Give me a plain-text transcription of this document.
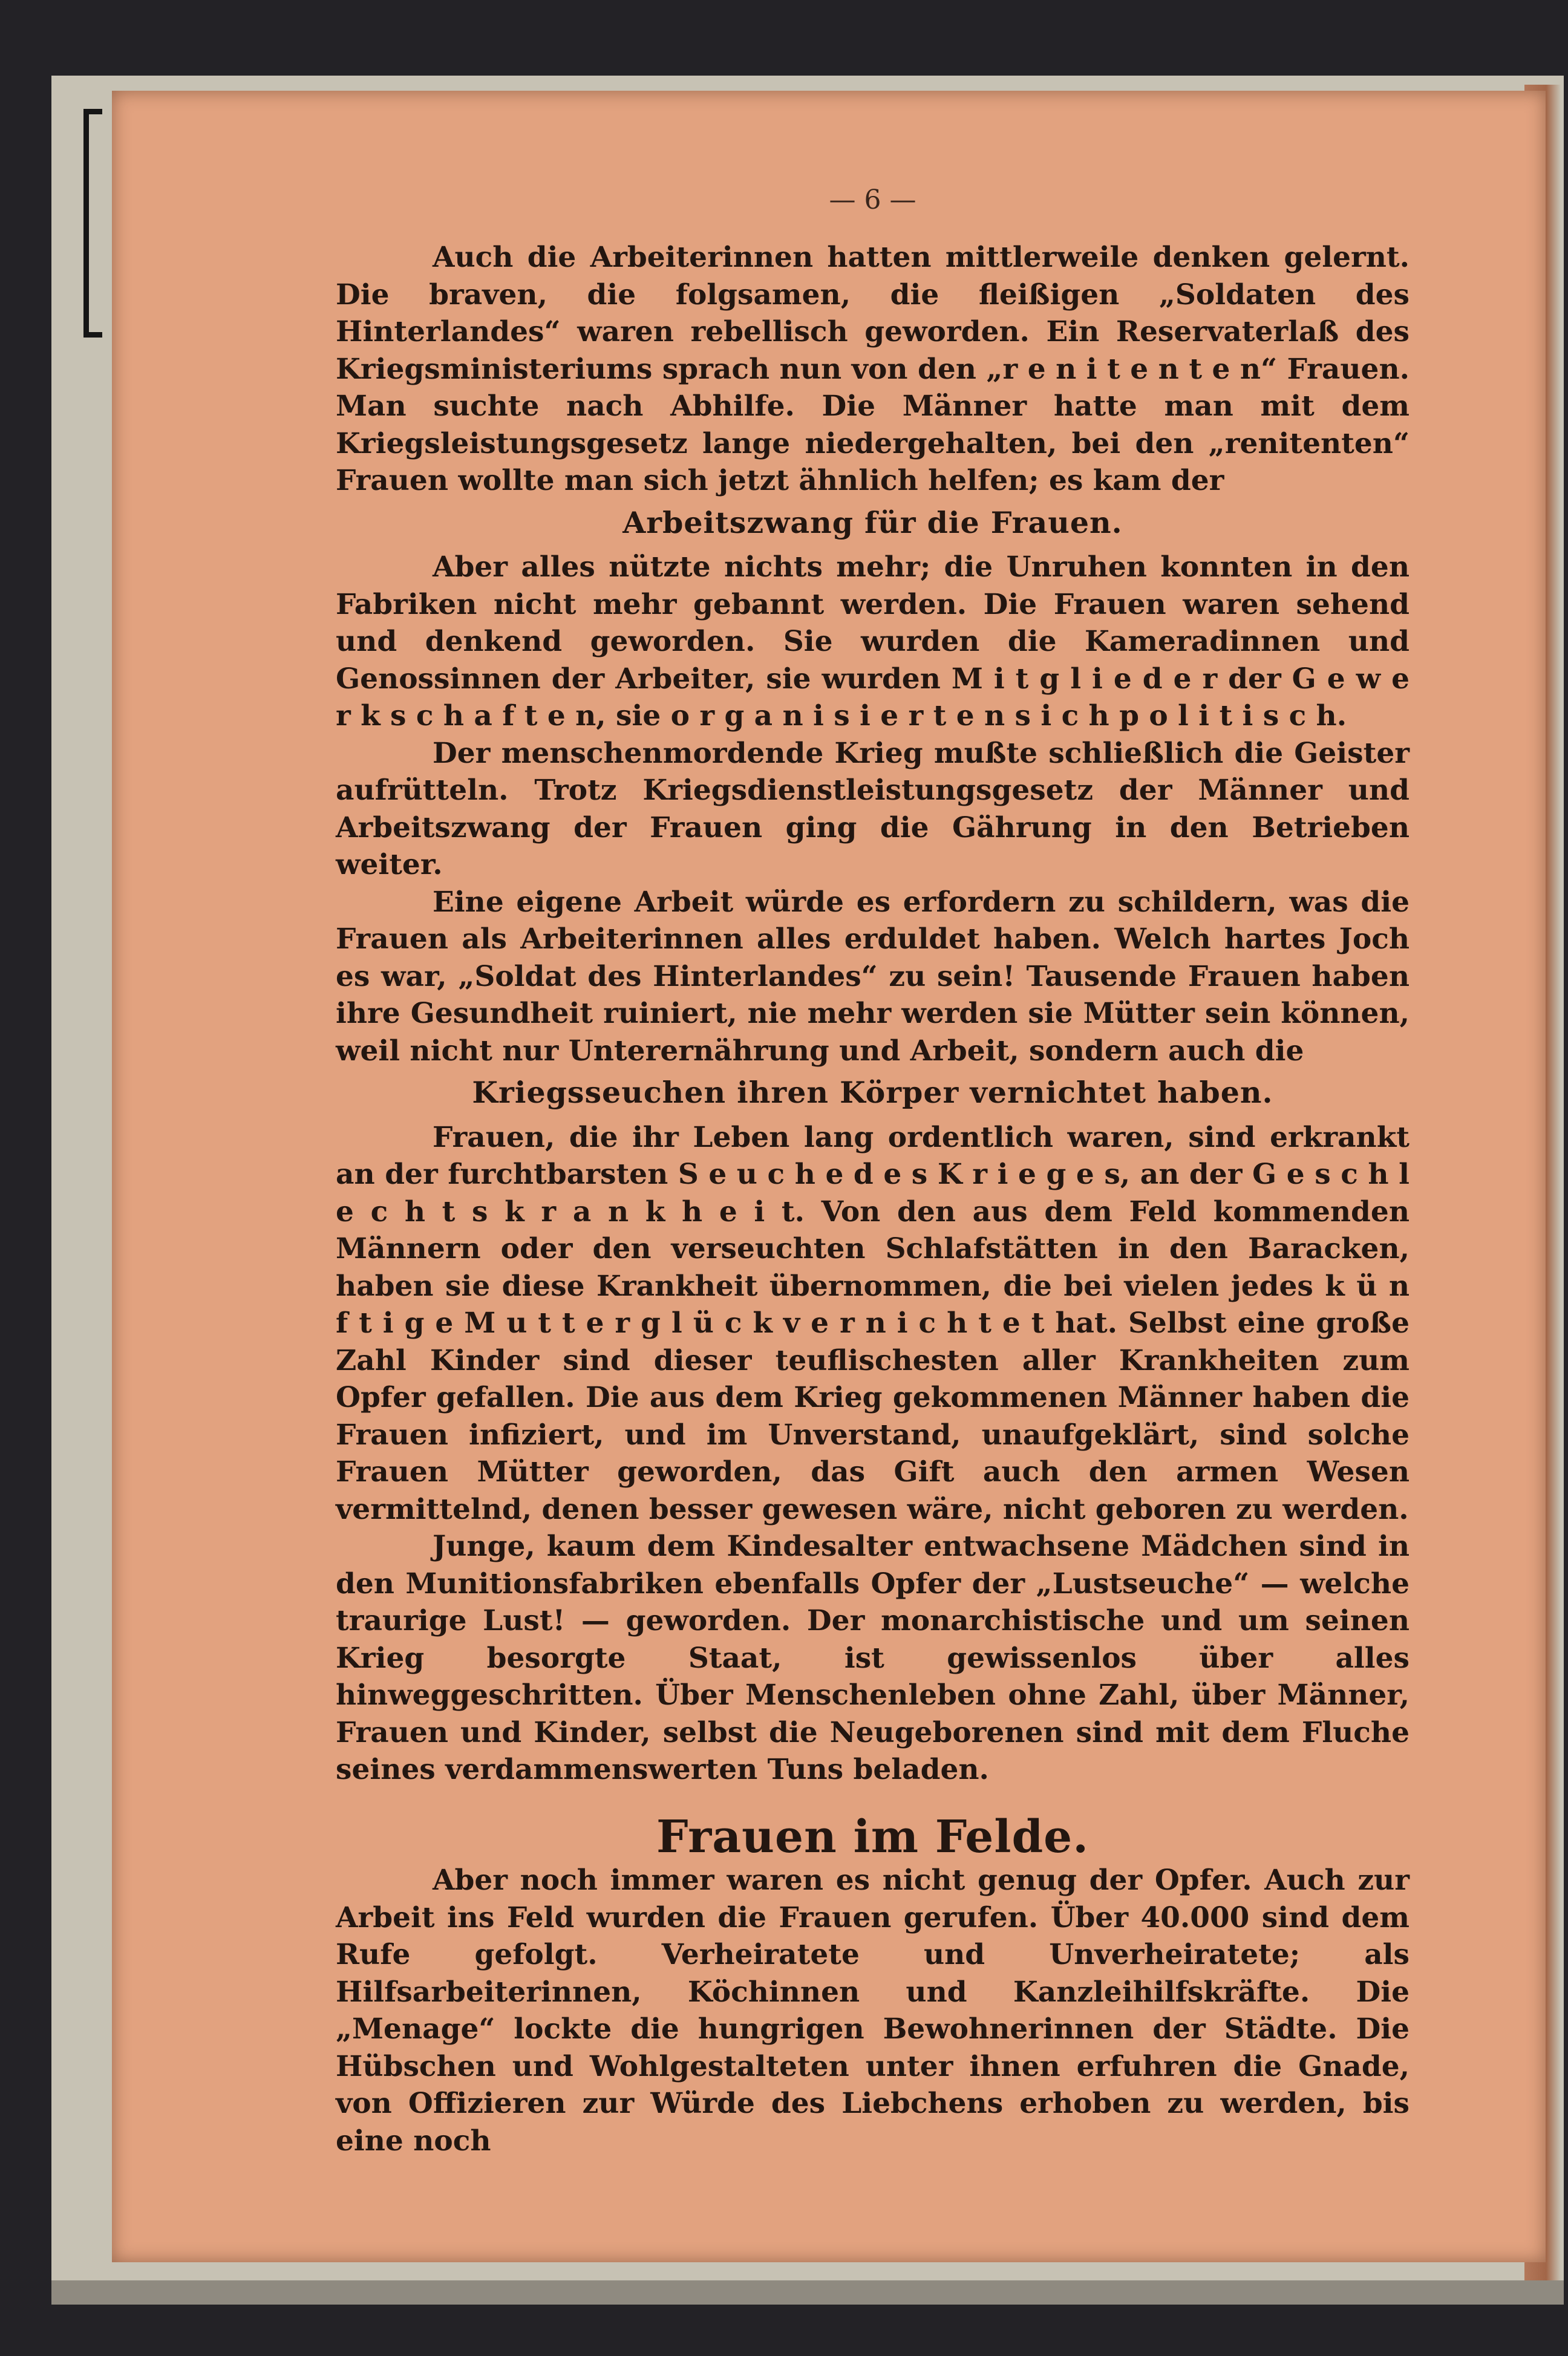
— 6 —

Auch die Arbeiterinnen hatten mittlerweile denken gelernt. Die braven, die folgsamen, die fleißigen „Soldaten des Hinterlandes“ waren rebellisch geworden. Ein Reservaterlaß des Kriegsministeriums sprach nun von den „r e n i t e n t e n“ Frauen. Man suchte nach Abhilfe. Die Männer hatte man mit dem Kriegsleistungsgesetz lange niedergehalten, bei den „renitenten“ Frauen wollte man sich jetzt ähnlich helfen; es kam der

Arbeitszwang für die Frauen.

Aber alles nützte nichts mehr; die Unruhen konnten in den Fabriken nicht mehr gebannt werden. Die Frauen waren sehend und denkend geworden. Sie wurden die Kameradinnen und Genossinnen der Arbeiter, sie wurden M i t g l i e d e r der G e w e r k s c h a f t e n, sie o r g a n i s i e r t e n s i c h p o l i t i s c h.

Der menschenmordende Krieg mußte schließlich die Geister aufrütteln. Trotz Kriegsdienstleistungsgesetz der Männer und Arbeitszwang der Frauen ging die Gährung in den Betrieben weiter.

Eine eigene Arbeit würde es erfordern zu schildern, was die Frauen als Arbeiterinnen alles erduldet haben. Welch hartes Joch es war, „Soldat des Hinterlandes“ zu sein! Tausende Frauen haben ihre Gesundheit ruiniert, nie mehr werden sie Mütter sein können, weil nicht nur Unterernährung und Arbeit, sondern auch die

Kriegsseuchen ihren Körper vernichtet haben.

Frauen, die ihr Leben lang ordentlich waren, sind erkrankt an der furchtbarsten S e u c h e d e s K r i e g e s, an der G e s c h l e c h t s k r a n k h e i t. Von den aus dem Feld kommenden Männern oder den verseuchten Schlafstätten in den Baracken, haben sie diese Krankheit übernommen, die bei vielen jedes k ü n f t i g e M u t t e r g l ü c k v e r n i c h t e t hat. Selbst eine große Zahl Kinder sind dieser teuflischesten aller Krankheiten zum Opfer gefallen. Die aus dem Krieg gekommenen Männer haben die Frauen infiziert, und im Unverstand, unaufgeklärt, sind solche Frauen Mütter geworden, das Gift auch den armen Wesen vermittelnd, denen besser gewesen wäre, nicht geboren zu werden.

Junge, kaum dem Kindesalter entwachsene Mädchen sind in den Munitionsfabriken ebenfalls Opfer der „Lustseuche“ — welche traurige Lust! — geworden. Der monarchistische und um seinen Krieg besorgte Staat, ist gewissenlos über alles hinweggeschritten. Über Menschenleben ohne Zahl, über Männer, Frauen und Kinder, selbst die Neugeborenen sind mit dem Fluche seines verdammenswerten Tuns beladen.

Frauen im Felde.

Aber noch immer waren es nicht genug der Opfer. Auch zur Arbeit ins Feld wurden die Frauen gerufen. Über 40.000 sind dem Rufe gefolgt. Verheiratete und Unverheiratete; als Hilfsarbeiterinnen, Köchinnen und Kanzleihilfskräfte. Die „Menage“ lockte die hungrigen Bewohnerinnen der Städte. Die Hübschen und Wohlgestalteten unter ihnen erfuhren die Gnade, von Offizieren zur Würde des Liebchens erhoben zu werden, bis eine noch
